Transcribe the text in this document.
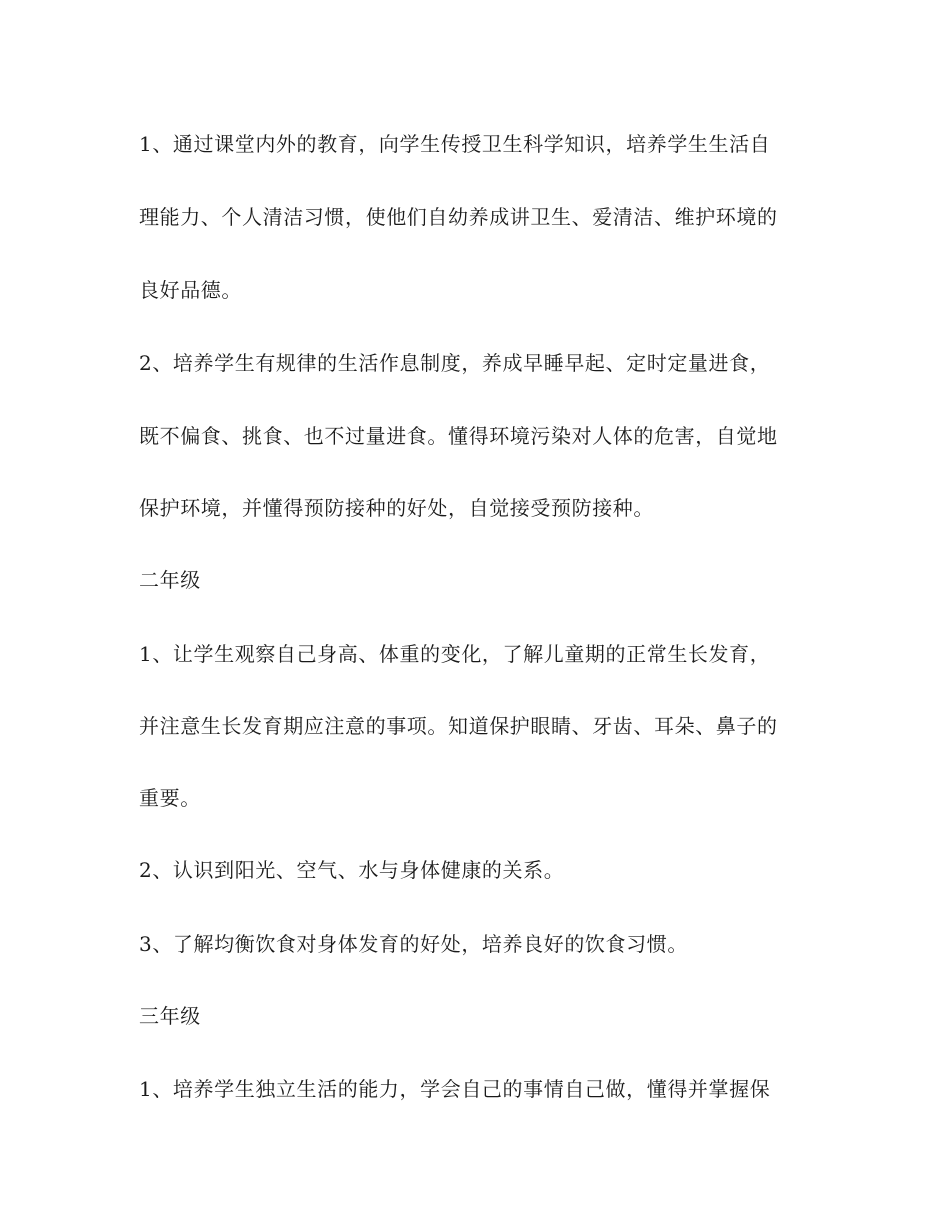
1、通过课堂内外的教育，向学生传授卫生科学知识，培养学生生活自
理能力、个人清洁习惯，使他们自幼养成讲卫生、爱清洁、维护环境的
良好品德。
2、培养学生有规律的生活作息制度，养成早睡早起、定时定量进食，
既不偏食、挑食、也不过量进食。懂得环境污染对人体的危害，自觉地
保护环境，并懂得预防接种的好处，自觉接受预防接种。
二年级
1、让学生观察自己身高、体重的变化，了解儿童期的正常生长发育，
并注意生长发育期应注意的事项。知道保护眼睛、牙齿、耳朵、鼻子的
重要。
2、认识到阳光、空气、水与身体健康的关系。
3、了解均衡饮食对身体发育的好处，培养良好的饮食习惯。
三年级
1、培养学生独立生活的能力，学会自己的事情自己做，懂得并掌握保
